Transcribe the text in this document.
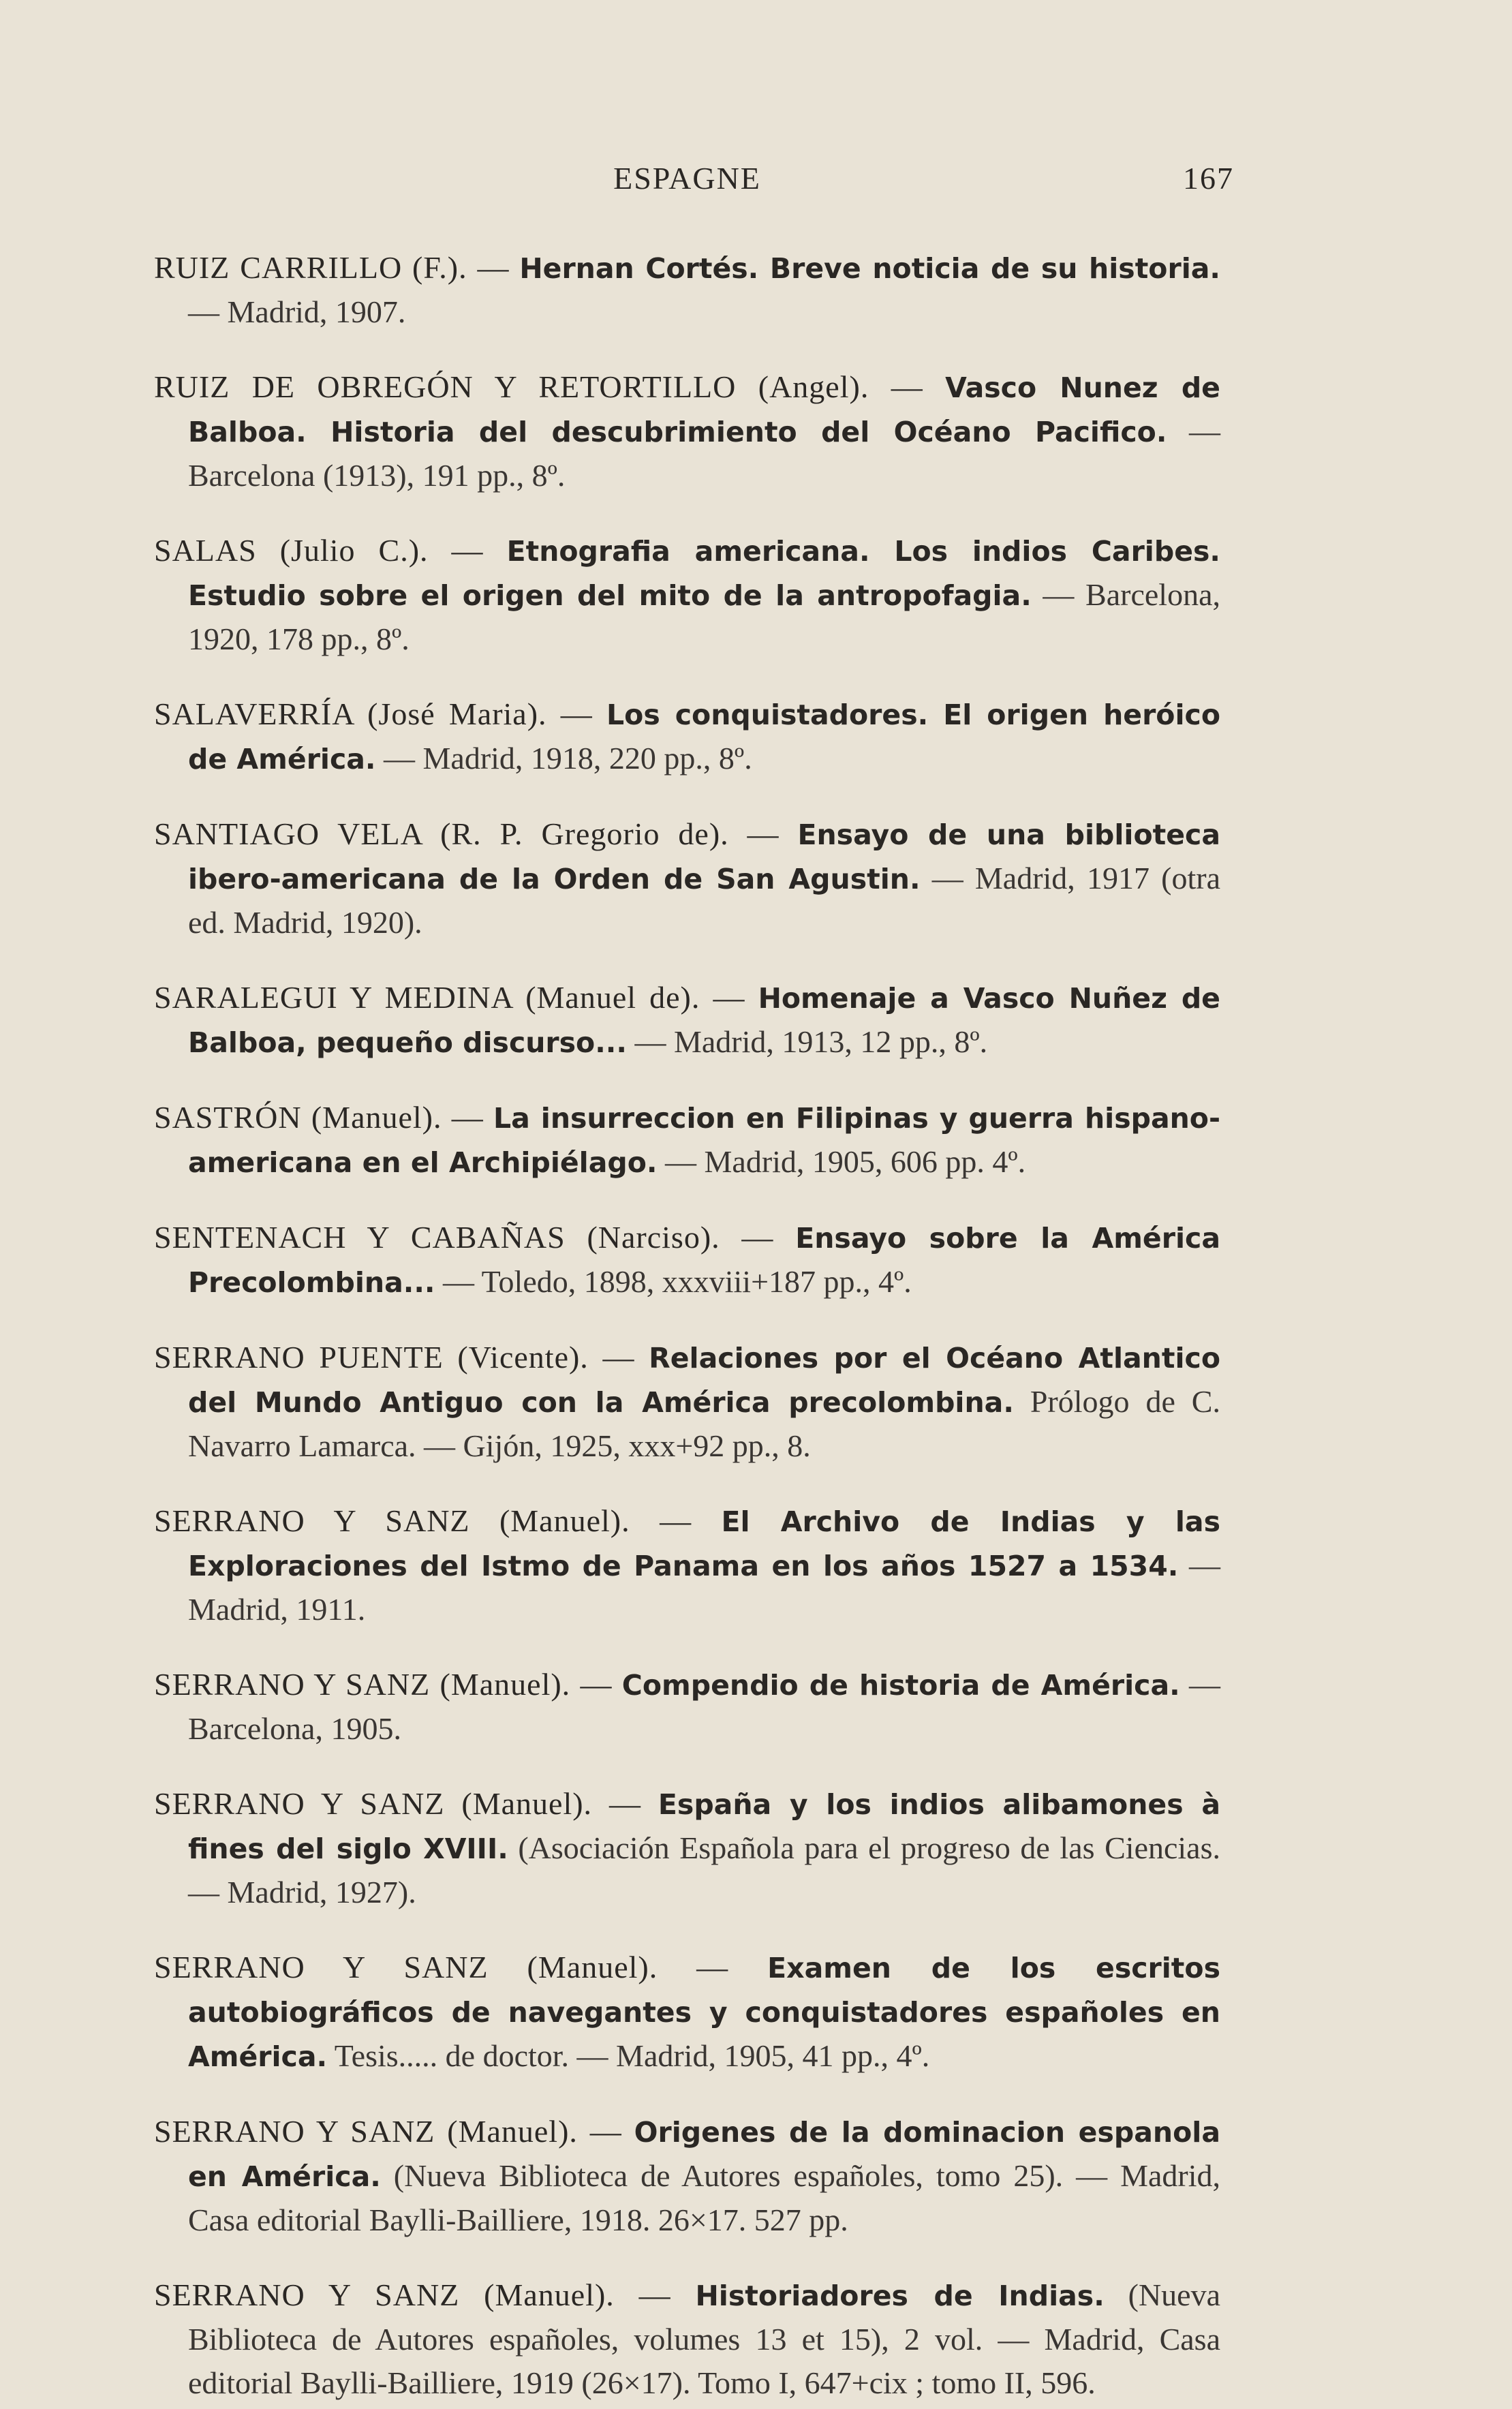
ESPAGNE	167

RUIZ CARRILLO (F.). — Hernan Cortés. Breve noticia de su historia. — Madrid, 1907.

RUIZ DE OBREGÓN Y RETORTILLO (Angel). — Vasco Nunez de Balboa. Historia del descubrimiento del Océano Pacifico. — Barcelona (1913), 191 pp., 8º.

SALAS (Julio C.). — Etnografia americana. Los indios Caribes. Estudio sobre el origen del mito de la antropofagia. — Barcelona, 1920, 178 pp., 8º.

SALAVERRÍA (José Maria). — Los conquistadores. El origen heróico de América. — Madrid, 1918, 220 pp., 8º.

SANTIAGO VELA (R. P. Gregorio de). — Ensayo de una biblioteca ibero-americana de la Orden de San Agustin. — Madrid, 1917 (otra ed. Madrid, 1920).

SARALEGUI Y MEDINA (Manuel de). — Homenaje a Vasco Nuñez de Balboa, pequeño discurso... — Madrid, 1913, 12 pp., 8º.

SASTRÓN (Manuel). — La insurreccion en Filipinas y guerra hispano-americana en el Archipiélago. — Madrid, 1905, 606 pp. 4º.

SENTENACH Y CABAÑAS (Narciso). — Ensayo sobre la América Precolombina... — Toledo, 1898, xxxviii+187 pp., 4º.

SERRANO PUENTE (Vicente). — Relaciones por el Océano Atlantico del Mundo Antiguo con la América precolombina. Prólogo de C. Navarro Lamarca. — Gijón, 1925, xxx+92 pp., 8.

SERRANO Y SANZ (Manuel). — El Archivo de Indias y las Exploraciones del Istmo de Panama en los años 1527 a 1534. — Madrid, 1911.

SERRANO Y SANZ (Manuel). — Compendio de historia de América. — Barcelona, 1905.

SERRANO Y SANZ (Manuel). — España y los indios alibamones à fines del siglo XVIII. (Asociación Española para el progreso de las Ciencias. — Madrid, 1927).

SERRANO Y SANZ (Manuel). — Examen de los escritos autobiográficos de navegantes y conquistadores españoles en América. Tesis..... de doctor. — Madrid, 1905, 41 pp., 4º.

SERRANO Y SANZ (Manuel). — Origenes de la dominacion espanola en América. (Nueva Biblioteca de Autores españoles, tomo 25). — Madrid, Casa editorial Baylli-Bailliere, 1918. 26×17. 527 pp.

SERRANO Y SANZ (Manuel). — Historiadores de Indias. (Nueva Biblioteca de Autores españoles, volumes 13 et 15), 2 vol. — Madrid, Casa editorial Baylli-Bailliere, 1919 (26×17). Tomo I, 647+cix ; tomo II, 596.
